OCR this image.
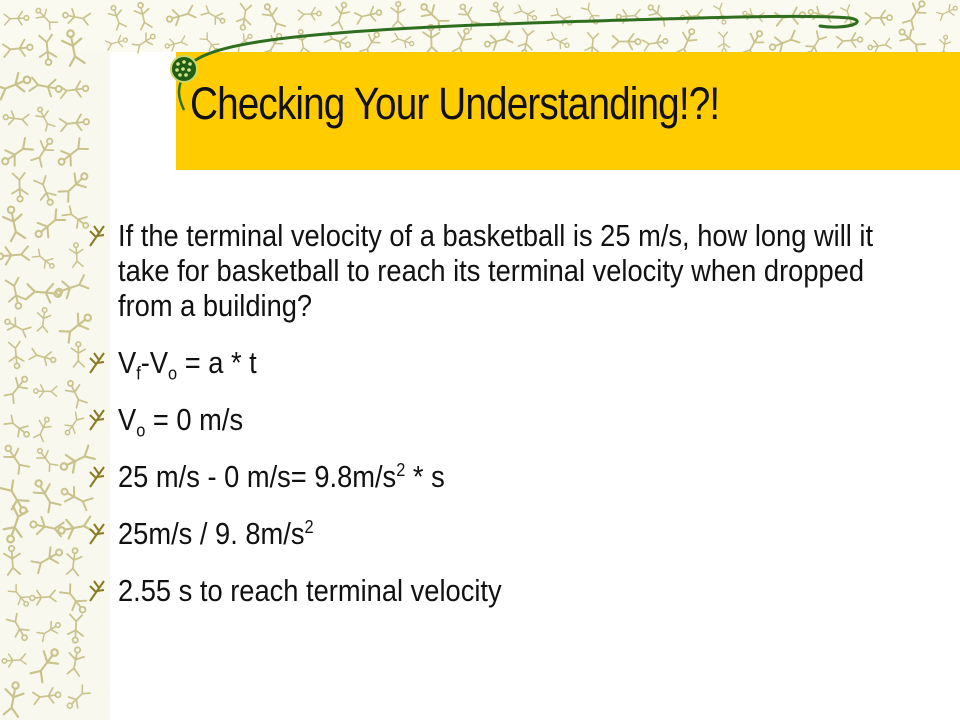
Checking Your Understanding!?!
If the terminal velocity of a basketball is 25 m/s, how long will it take for basketball to reach its terminal velocity when dropped from a building?
$V_f-V_o = a * t$
$V_o = 0$ m/s
25 m/s - 0 $m/s= 9.8m/s^2 * s$
25m/s / 9. $8m/s^2$
2.55 s to reach terminal velocity
